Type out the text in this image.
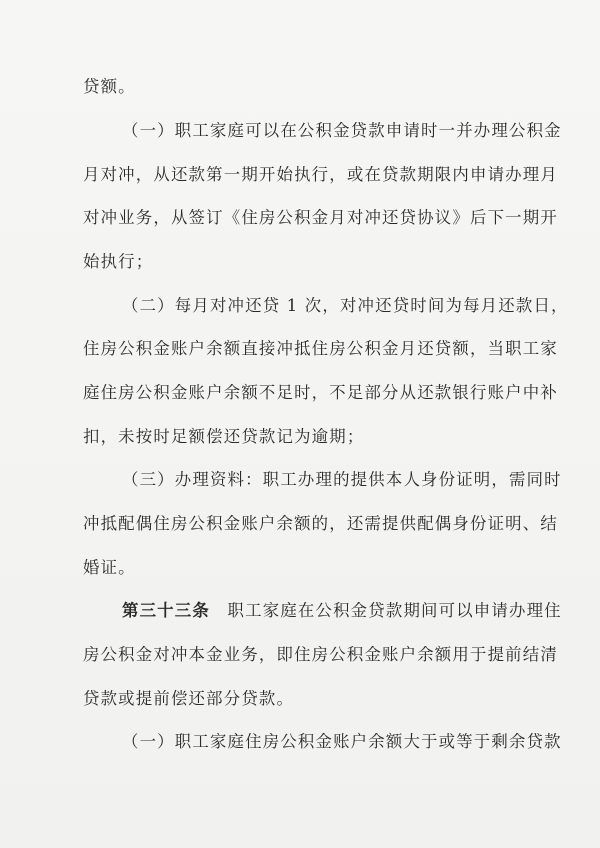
贷额。
（一）职工家庭可以在公积金贷款申请时一并办理公积金
月对冲，从还款第一期开始执行，或在贷款期限内申请办理月
对冲业务，从签订《住房公积金月对冲还贷协议》后下一期开
始执行；
（二）每月对冲还贷 1 次，对冲还贷时间为每月还款日，
住房公积金账户余额直接冲抵住房公积金月还贷额，当职工家
庭住房公积金账户余额不足时，不足部分从还款银行账户中补
扣，未按时足额偿还贷款记为逾期；
（三）办理资料：职工办理的提供本人身份证明，需同时
冲抵配偶住房公积金账户余额的，还需提供配偶身份证明、结
婚证。
第三十三条　职工家庭在公积金贷款期间可以申请办理住
房公积金对冲本金业务，即住房公积金账户余额用于提前结清
贷款或提前偿还部分贷款。
（一）职工家庭住房公积金账户余额大于或等于剩余贷款
